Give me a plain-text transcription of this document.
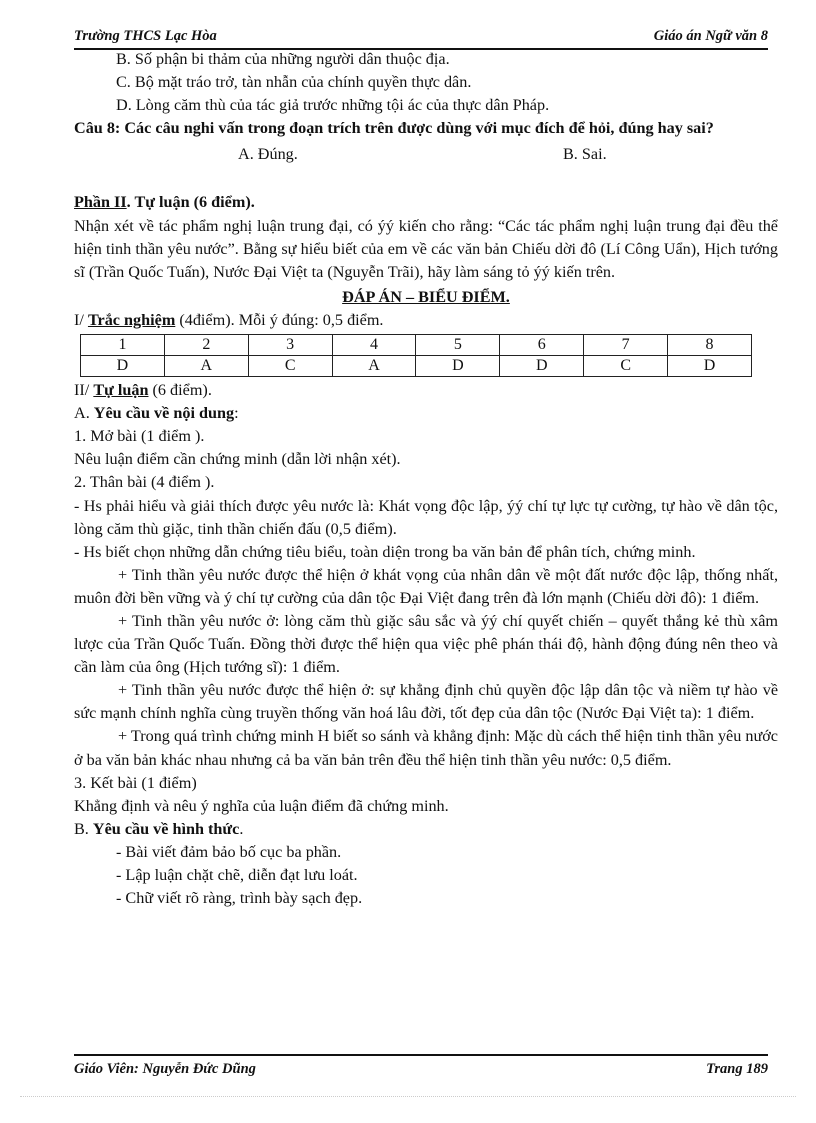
Trường THCS Lạc Hòa	Giáo án Ngữ văn 8

B. Số phận bi thảm của những người dân thuộc địa.

C. Bộ mặt tráo trở, tàn nhẫn của chính quyền thực dân.

D. Lòng căm thù của tác giả trước những tội ác của thực dân Pháp.

Câu 8: Các câu nghi vấn trong đoạn trích trên được dùng với mục đích để hỏi, đúng hay sai?

A. Đúng.	B. Sai.

Phần II. Tự luận (6 điểm).

Nhận xét về tác phẩm nghị luận trung đại, có ýý kiến cho rằng: “Các tác phẩm nghị luận trung đại đều thể hiện tinh thần yêu nước”. Bằng sự hiểu biết của em về các văn bản Chiếu dời đô (Lí Công Uẩn), Hịch tướng sĩ (Trần Quốc Tuấn), Nước Đại Việt ta (Nguyễn Trãi), hãy làm sáng tỏ ýý kiến trên.

ĐÁP ÁN – BIỂU ĐIỂM.

I/ Trắc nghiệm (4điểm). Mỗi ý đúng: 0,5 điểm.

1	2	3	4	5	6	7	8
D	A	C	A	D	D	C	D

II/ Tự luận (6 điểm).

A. Yêu cầu về nội dung:

1. Mở bài (1 điểm ).

Nêu luận điểm cần chứng minh (dẫn lời nhận xét).

2. Thân bài (4 điểm ).

- Hs phải hiểu và giải thích được yêu nước là: Khát vọng độc lập, ýý chí tự lực tự cường, tự hào về dân tộc, lòng căm thù giặc, tinh thần chiến đấu (0,5 điểm).

- Hs biết chọn những dẫn chứng tiêu biểu, toàn diện trong ba văn bản để phân tích, chứng minh.

+ Tinh thần yêu nước được thể hiện ở khát vọng của nhân dân về một đất nước độc lập, thống nhất, muôn đời bền vững và ý chí tự cường của dân tộc Đại Việt đang trên đà lớn mạnh (Chiếu dời đô): 1 điểm.

+ Tinh thần yêu nước ở: lòng căm thù giặc sâu sắc và ýý chí quyết chiến – quyết thắng kẻ thù xâm lược của Trần Quốc Tuấn. Đồng thời được thể hiện qua việc phê phán thái độ, hành động đúng nên theo và cần làm của ông (Hịch tướng sĩ): 1 điểm.

+ Tinh thần yêu nước được thể hiện ở: sự khẳng định chủ quyền độc lập dân tộc và niềm tự hào về sức mạnh chính nghĩa cùng truyền thống văn hoá lâu đời, tốt đẹp của dân tộc (Nước Đại Việt ta): 1 điểm.

+ Trong quá trình chứng minh H biết so sánh và khẳng định: Mặc dù cách thể hiện tinh thần yêu nước ở ba văn bản khác nhau nhưng cả ba văn bản trên đều thể hiện tinh thần yêu nước: 0,5 điểm.

3. Kết bài (1 điểm)

Khẳng định và nêu ý nghĩa của luận điểm đã chứng minh.

B. Yêu cầu về hình thức.

- Bài viết đảm bảo bố cục ba phần.

- Lập luận chặt chẽ, diễn đạt lưu loát.

- Chữ viết rõ ràng, trình bày sạch đẹp.

Giáo Viên: Nguyễn Đức Dũng	Trang 189
